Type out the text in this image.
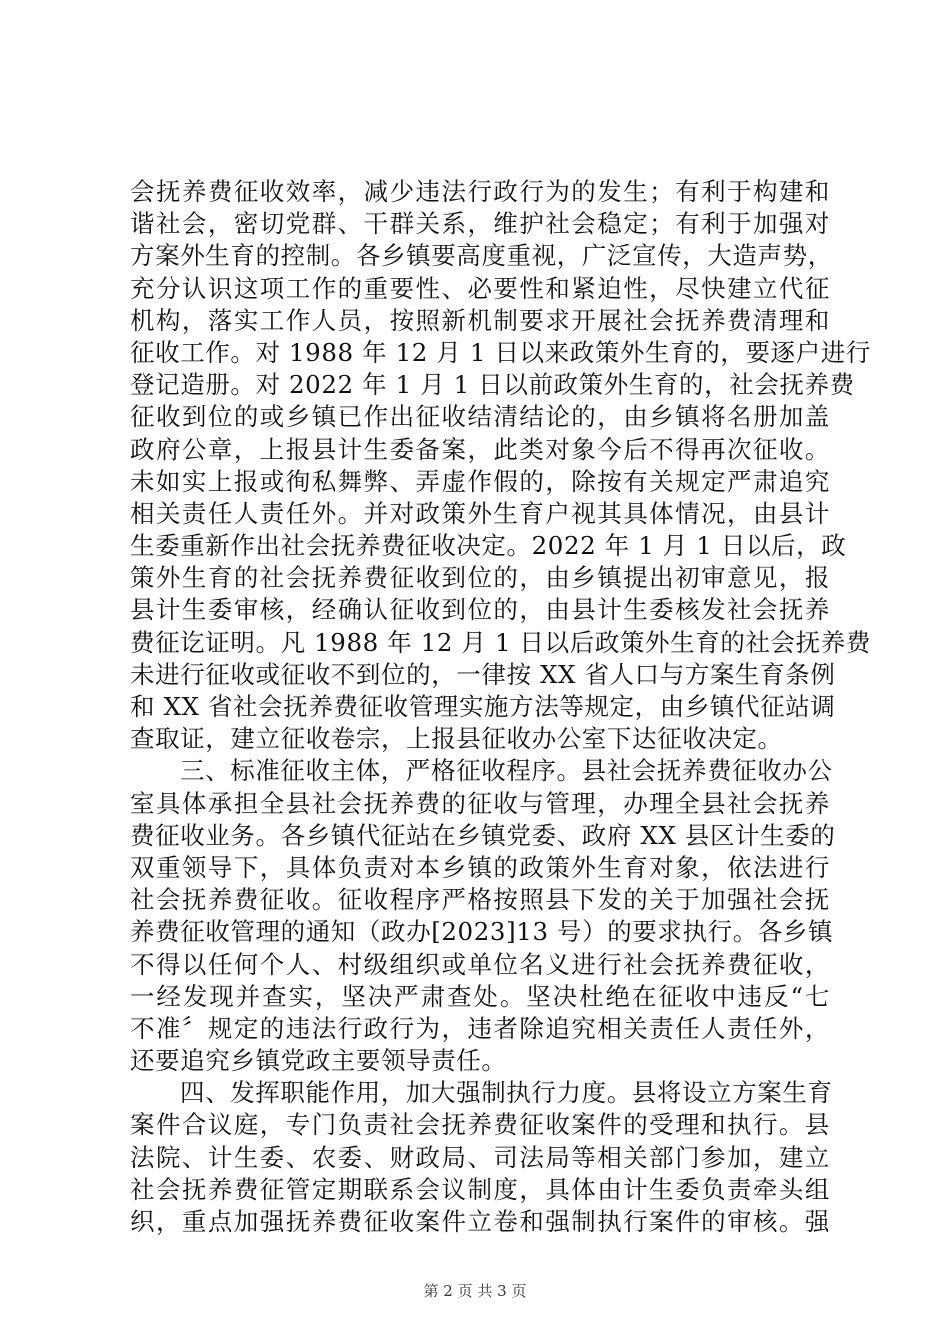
会抚养费征收效率，减少违法行政行为的发生；有利于构建和
谐社会，密切党群、干群关系，维护社会稳定；有利于加强对
方案外生育的控制。各乡镇要高度重视，广泛宣传，大造声势，
充分认识这项工作的重要性、必要性和紧迫性，尽快建立代征
机构，落实工作人员，按照新机制要求开展社会抚养费清理和
征收工作。对 1988 年 12 月 1 日以来政策外生育的，要逐户进行
登记造册。对 2022 年 1 月 1 日以前政策外生育的，社会抚养费
征收到位的或乡镇已作出征收结清结论的，由乡镇将名册加盖
政府公章，上报县计生委备案，此类对象今后不得再次征收。
未如实上报或徇私舞弊、弄虚作假的，除按有关规定严肃追究
相关责任人责任外。并对政策外生育户视其具体情况，由县计
生委重新作出社会抚养费征收决定。2022 年 1 月 1 日以后，政
策外生育的社会抚养费征收到位的，由乡镇提出初审意见，报
县计生委审核，经确认征收到位的，由县计生委核发社会抚养
费征讫证明。凡 1988 年 12 月 1 日以后政策外生育的社会抚养费
未进行征收或征收不到位的，一律按 XX 省人口与方案生育条例
和 XX 省社会抚养费征收管理实施方法等规定，由乡镇代征站调
查取证，建立征收卷宗，上报县征收办公室下达征收决定。
三、标准征收主体，严格征收程序。县社会抚养费征收办公
室具体承担全县社会抚养费的征收与管理，办理全县社会抚养
费征收业务。各乡镇代征站在乡镇党委、政府 XX 县区计生委的
双重领导下，具体负责对本乡镇的政策外生育对象，依法进行
社会抚养费征收。征收程序严格按照县下发的关于加强社会抚
养费征收管理的通知（政办[2023]13 号）的要求执行。各乡镇
不得以任何个人、村级组织或单位名义进行社会抚养费征收，
一经发现并查实，坚决严肃查处。坚决杜绝在征收中违反“七
不准〞规定的违法行政行为，违者除追究相关责任人责任外，
还要追究乡镇党政主要领导责任。
四、发挥职能作用，加大强制执行力度。县将设立方案生育
案件合议庭，专门负责社会抚养费征收案件的受理和执行。县
法院、计生委、农委、财政局、司法局等相关部门参加，建立
社会抚养费征管定期联系会议制度，具体由计生委负责牵头组
织，重点加强抚养费征收案件立卷和强制执行案件的审核。强
第 2 页 共 3 页
